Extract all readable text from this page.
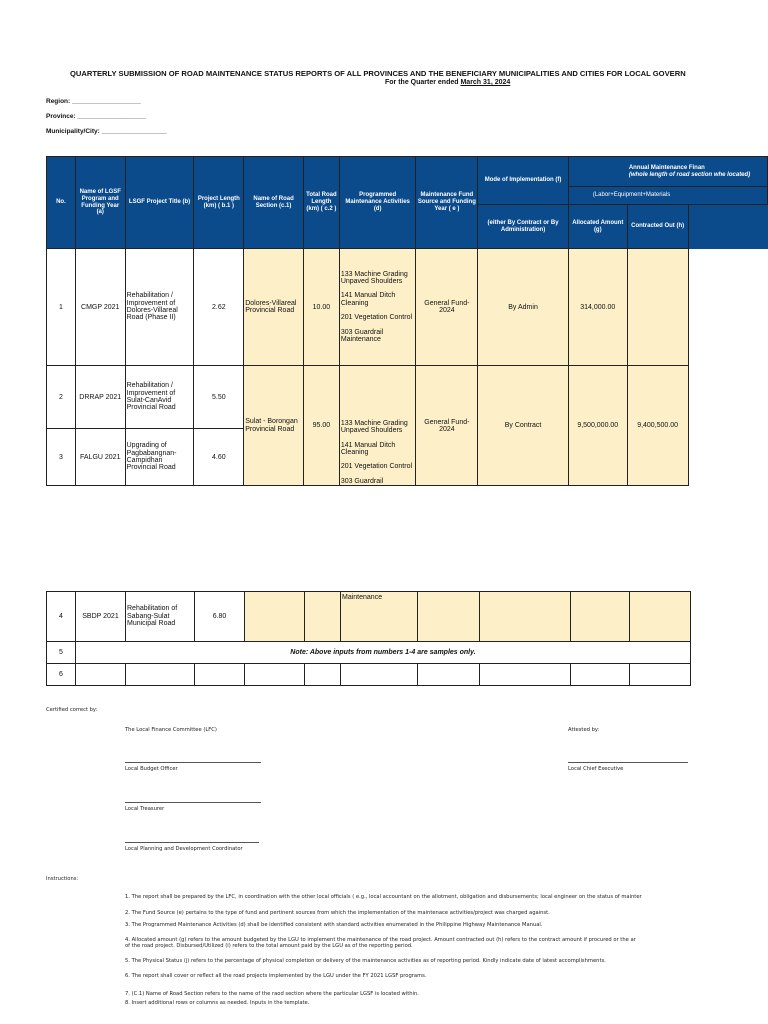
QUARTERLY SUBMISSION OF ROAD MAINTENANCE STATUS REPORTS OF ALL PROVINCES AND THE BENEFICIARY MUNICIPALITIES AND CITIES FOR LOCAL GOVERN
For the Quarter ended March 31, 2024
Region: ___________________
Province: ___________________
Municipality/City: __________________
No.	Name of LGSF Program and Funding Year (a)	LSGF Project Title (b)	Project Length (km) ( b.1 )	Name of Road Section (c.1)	Total Road Length (km) ( c.2 )	Programmed Maintenance Activities (d)	Maintenance Fund Source and Funding Year ( e )	Mode of Implementation (f)	Annual Maintenance Finan
(whole length of road section whe located)		

									(Labor+Equipment+Materials		
								(either By Contract or By Administration)	Allocated Amount (g)	Contracted Out (h)	
1	CMGP 2021	Rehabilitation / Improvement of Dolores-Villareal Road (Phase II)	2.62	Dolores-Villareal Provincial Road	10.00	133 Machine Grading Unpaved Shoulders
141 Manual Ditch Cleaning
201 Vegetation Control
303 Guardrail Maintenance	General Fund-2024	By Admin	314,000.00		
2	DRRAP 2021	Rehabilitation / Improvement of Sulat-CanAvid Provincial Road	5.50	Sulat - Borongan Provincial Road	95.00	133 Machine Grading Unpaved Shoulders
141 Manual Ditch Cleaning
201 Vegetation Control
303 Guardrail	General Fund-2024	By Contract	9,500,000.00	9,400,500.00	
3	FALGU 2021	Upgrading of Pagbabangnan-Campidhan Provincial Road	4.60								
4	SBDP 2021	Rehabilitation of Sabang-Sulat Municipal Road	6.80			Maintenance				
5	Note: Above inputs from numbers 1-4 are samples only.									
6										
Certified correct by:
The Local Finance Committee (LFC)	Attested by:
Local Budget Officer	Local Chief Executive
Local Treasurer
Local Planning and Development Coordinator
Instructions:
1. The report shall be prepared by the LFC, in coordination with the other local officials ( e.g., local accountant on the allotment, obligation and disbursements; local engineer on the status of mainter
2. The Fund Source (e) pertains to the type of fund and pertinent sources from which the implementation of the maintenace activities/project was charged against.
3. The Programmed Maintenance Activities (d) shall be identified consistent with standard activities enumerated in the Philippine Highway Maintenance Manual.
4. Allocated amount (g) refers to the amount budgeted by the LGU to implement the maintenance of the road project. Amount contracted out (h) refers to the contract amount if procured or the ar
of the road project. Disbursed/Utilized (i) refers to the total amount paid by the LGU as of the reporting period.
5. The Physical Status (j) refers to the percentage of physical completion or delivery of the maintenance activities as of reporting period. Kindly indicate date of latest accomplishments.
6. The report shall cover or reflect all the road projects implemented by the LGU under the FY 2021 LGSF programs.
7. (C.1) Name of Road Section refers to the name of the raod section where the particular LGSF is located within.
8. Insert additional rows or columns as needed. Inputs in the template.
